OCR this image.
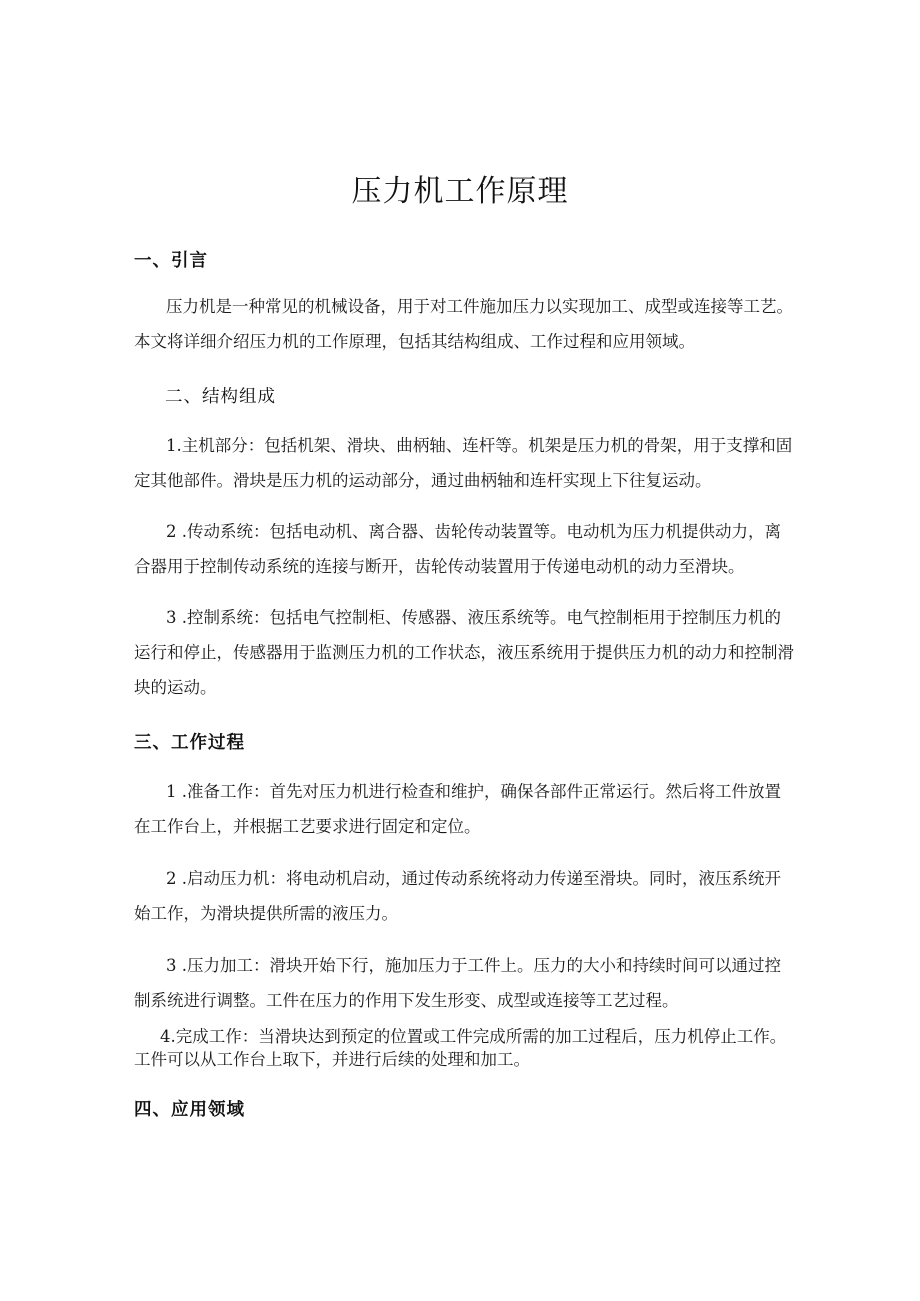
压力机工作原理
一、引言
压力机是一种常见的机械设备，用于对工件施加压力以实现加工、成型或连接等工艺。本文将详细介绍压力机的工作原理，包括其结构组成、工作过程和应用领域。
二、结构组成
1.主机部分：包括机架、滑块、曲柄轴、连杆等。机架是压力机的骨架，用于支撑和固定其他部件。滑块是压力机的运动部分，通过曲柄轴和连杆实现上下往复运动。
2 .传动系统：包括电动机、离合器、齿轮传动装置等。电动机为压力机提供动力，离合器用于控制传动系统的连接与断开，齿轮传动装置用于传递电动机的动力至滑块。
3 .控制系统：包括电气控制柜、传感器、液压系统等。电气控制柜用于控制压力机的运行和停止，传感器用于监测压力机的工作状态，液压系统用于提供压力机的动力和控制滑块的运动。
三、工作过程
1 .准备工作：首先对压力机进行检查和维护，确保各部件正常运行。然后将工件放置在工作台上，并根据工艺要求进行固定和定位。
2 .启动压力机：将电动机启动，通过传动系统将动力传递至滑块。同时，液压系统开始工作，为滑块提供所需的液压力。
3 .压力加工：滑块开始下行，施加压力于工件上。压力的大小和持续时间可以通过控制系统进行调整。工件在压力的作用下发生形变、成型或连接等工艺过程。
4.完成工作：当滑块达到预定的位置或工件完成所需的加工过程后，压力机停止工作。工件可以从工作台上取下，并进行后续的处理和加工。
四、应用领域
